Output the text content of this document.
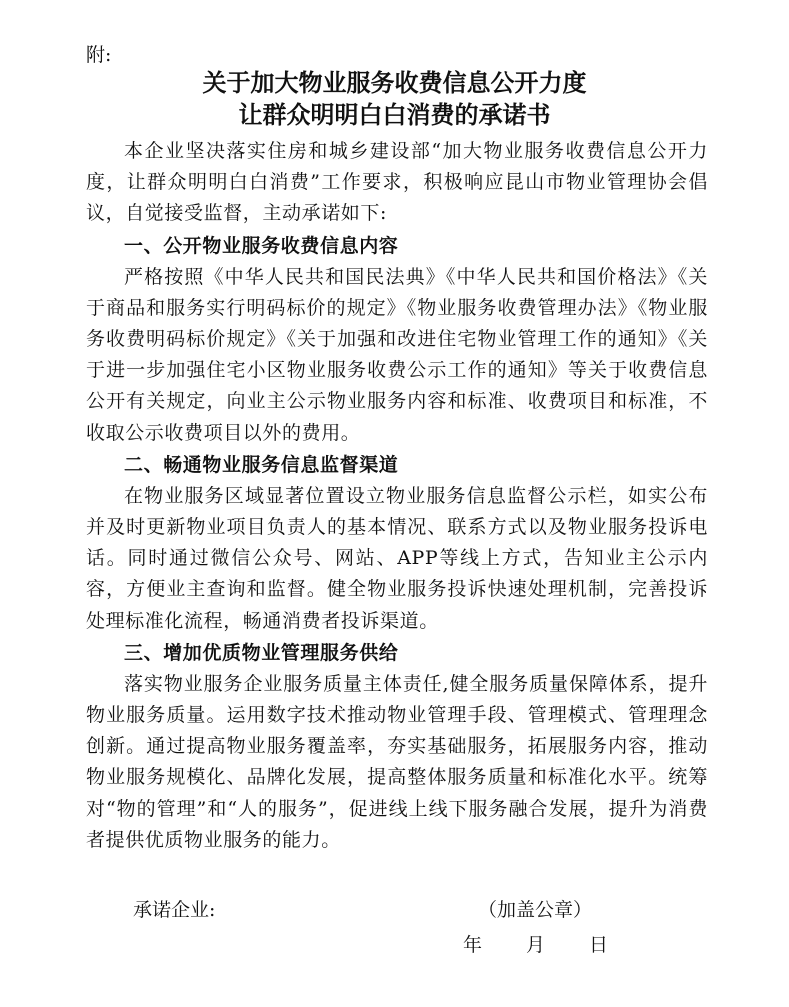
附:
关于加大物业服务收费信息公开力度
让群众明明白白消费的承诺书

本企业坚决落实住房和城乡建设部“加大物业服务收费信息公开力度，让群众明明白白消费”工作要求，积极响应昆山市物业管理协会倡议，自觉接受监督，主动承诺如下:

一、公开物业服务收费信息内容

严格按照《中华人民共和国民法典》《中华人民共和国价格法》《关于商品和服务实行明码标价的规定》《物业服务收费管理办法》《物业服务收费明码标价规定》《关于加强和改进住宅物业管理工作的通知》《关于进一步加强住宅小区物业服务收费公示工作的通知》等关于收费信息公开有关规定，向业主公示物业服务内容和标准、收费项目和标准，不收取公示收费项目以外的费用。

二、畅通物业服务信息监督渠道

在物业服务区域显著位置设立物业服务信息监督公示栏，如实公布并及时更新物业项目负责人的基本情况、联系方式以及物业服务投诉电话。同时通过微信公众号、网站、APP等线上方式，告知业主公示内容，方便业主查询和监督。健全物业服务投诉快速处理机制，完善投诉处理标准化流程，畅通消费者投诉渠道。

三、增加优质物业管理服务供给

落实物业服务企业服务质量主体责任,健全服务质量保障体系，提升物业服务质量。运用数字技术推动物业管理手段、管理模式、管理理念创新。通过提高物业服务覆盖率，夯实基础服务，拓展服务内容，推动物业服务规模化、品牌化发展，提高整体服务质量和标准化水平。统筹对“物的管理”和“人的服务”，促进线上线下服务融合发展，提升为消费者提供优质物业服务的能力。

承诺企业:	（加盖公章）
年 月 日
